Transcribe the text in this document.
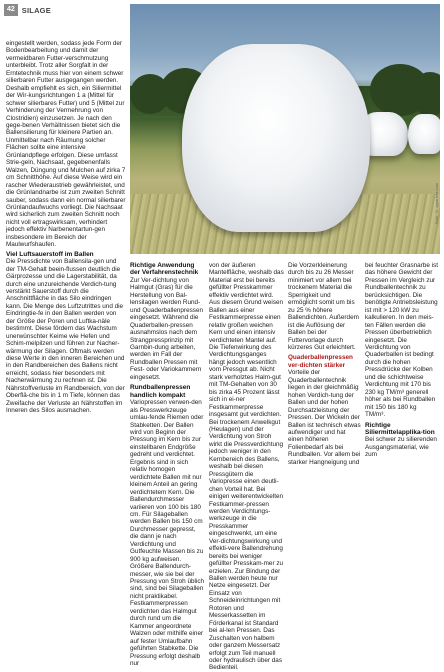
42 SILAGE
Foto: © agrarfoto.com

eingestellt werden, sodass jede Form der Bodenbearbeitung und damit der vermeidbaren Futter-verschmutzung unterbleibt. Trotz aller Sorgfalt in der Erntetechnik muss hier von einem schwer silierbaren Futter ausgegangen werden. Deshalb empfiehlt es sich, ein Siliermittel der Wir-kungsrichtungen 1 a (Mittel für schwer silierbares Futter) und 5 (Mittel zur Verhinderung der Vermehrung von Clostridien) einzusetzen. Je nach den gege-benen Verhältnissen bietet sich die Ballensilierung für kleinere Partien an. Unmittelbar nach Räumung solcher Flächen sollte eine intensive Grünlandpflege erfolgen. Diese umfasst Strie-geln, Nachsaat, gegebenenfalls Walzen, Düngung und Mulchen auf zirka 7 cm Schnitthöhe. Auf diese Weise wird ein rascher Wiederaustrieb gewährleistet, und die Grünlandnarbe ist zum zweiten Schnitt sauber, sodass dann ein normal silierbarer Grünlandaufwuchs vorliegt. Die Nachsaat wird sicherlich zum zweiten Schnitt noch nicht voll ertragswirksam, verhindert jedoch effektiv Narbenentartun-gen insbesondere im Bereich der Maulwurfshaufen.

Viel Luftsauerstoff im Ballen

Die Pressdichte von Ballensila-gen und der TM-Gehalt beein-flussen deutlich die Gärprozesse und die Lagerstabilität, da durch eine unzureichende Verdich-tung verstärkt Sauerstoff durch die Anschnittfläche in das Silo eindringen kann. Die Menge des Luftzutrittes und die Eindringtie-fe in den Ballen werden von der Größe der Poren und Luftka-näle bestimmt. Diese fördern das Wachstum unerwünschter Keime wie Hefen und Schim-melpilzen und führen zur Nacher-wärmung der Silagen. Oftmals werden diese Werte in den inneren Bereichen und in den Randbereichen des Ballens nicht erreicht, sodass hier besonders mit Nacherwärmung zu rechnen ist. Die Nährstoffverluste im Randbereich, von der Oberflä-che bis in 1 m Tiefe, können das Zweifache der Verluste an Nährstoffen im Inneren des Silos ausmachen.

Richtige Anwendung der Verfahrenstechnik Zur Ver-dichtung von Halmgut (Gras) für die Herstellung von Bal-lensilagen werden Rund- und Quaderballenpressen eingesetzt. Während die Quaderballen-pressen ausnahmslos nach dem Strangpressprinzip mit Garnbin-dung arbeiten, werden im Fall der Rundballen Pressen mit Fest- oder Variokammern eingesetzt.

Rundballenpressen handlich kompakt Variopressen verwen-den als Presswerkzeuge umlau-fende Riemen oder Stabketten. Der Ballen wird von Beginn der Pressung im Kern bis zur einstellbaren Endgröße gedreht und verdichtet. Ergebnis sind in sich relativ homogen verdichtete Ballen mit nur kleinem Anteil an gering verdichtetem Kern. Die Ballendurchmesser variieren von 100 bis 180 cm. Für Silageballen werden Ballen bis 150 cm Durchmesser gepresst, die dann je nach Verdichtung und Gutfeuchte Massen bis zu 900 kg aufweisen. Größere Ballendurch-messer, wie sie bei der Pressung von Stroh üblich sind, sind bei Silageballen nicht praktikabel. Festkammerpressen verdichten das Halmgut durch rund um die Kammer angeordnete Walzen oder mithilfe einer auf fester Umlaufbahn geführten Stabkette. Die Pressung erfolgt deshalb nur

von der äußeren Mantelfläche, weshalb das Material erst bei bereits gefüllter Presskammer effektiv verdichtet wird. Aus diesem Grund weisen Ballen aus einer Festkammerpresse einen relativ großen weichen Kern und einen intensiv verdichteten Mantel auf. Die Tiefenwirkung des Verdichtungsganges hängt jedoch wesentlich vom Pressgut ab. Nicht stark verholztes Halm-gut mit TM-Gehalten von 30 bis zirka 45 Prozent lässt sich in ei-ner Festkammerpresse insgesamt gut verdichten. Bei trockenem Anwelkgut (Heulagen) und der Verdichtung von Stroh wirkt die Pressverdichtung jedoch weniger in den Kernbereich des Ballens, weshalb bei diesen Pressgütern die Variopresse einen deutli-chen Vorteil hat. Bei einigen weiterentwickelten Festkammer-pressen werden Verdichtungs-werkzeuge in die Presskammer eingeschwenkt, um eine Ver-dichtungswirkung und effekti-vere Ballendrehung bereits bei weniger gefüllter Presskam-mer zu erzielen. Zur Bindung der Ballen werden heute nur Netze eingesetzt. Der Einsatz von Schneideinrichtungen mit Rotoren und Messerkassetten im Förderkanal ist Standard bei al-len Pressen. Das Zuschalten von halbem oder ganzem Messersatz erfolgt zum Teil manuell oder hydraulisch über das Bedienteil.

Die Vorzerkleinerung durch bis zu 26 Messer minimiert vor allem bei trockenem Material die Sperrigkeit und ermöglicht somit um bis zu 25 % höhere Ballendichten. Außerdem ist die Auflösung der Ballen bei der Futtervorlage durch kürzeres Gut erleichtert.

Quaderballenpressen ver-dichten stärker Vorteile der Quaderballentechnik liegen in der gleichmäßig hohen Verdich-tung der Ballen und der hohen Durchsatzleistung der Pressen. Der Wickeln der Ballen ist technisch etwas aufwendiger und hat einen höheren Folienbedarf als bei Rundballen. Vor allem bei starker Hangneigung und bei feuchter Grasnarbe ist das höhere Gewicht der Pressen im Vergleich zur Rundballentechnik zu berücksichtigen. Die benötigte Antriebsleistung ist mit > 120 kW zu kalkulieren. In den meis-ten Fällen werden die Pressen überbetrieblich eingesetzt. Die Verdichtung von Quaderballen ist bedingt durch die hohen Pressdrücke der Kolben und die schichtweise Verdichtung mit 170 bis 230 kg TM/m³ generell höher als bei Rundballen mit 150 bis 180 kg TM/m³.

Richtige Siliermittelapplika-tion Bei schwer zu silierenden Ausgangsmaterial, wie zum
